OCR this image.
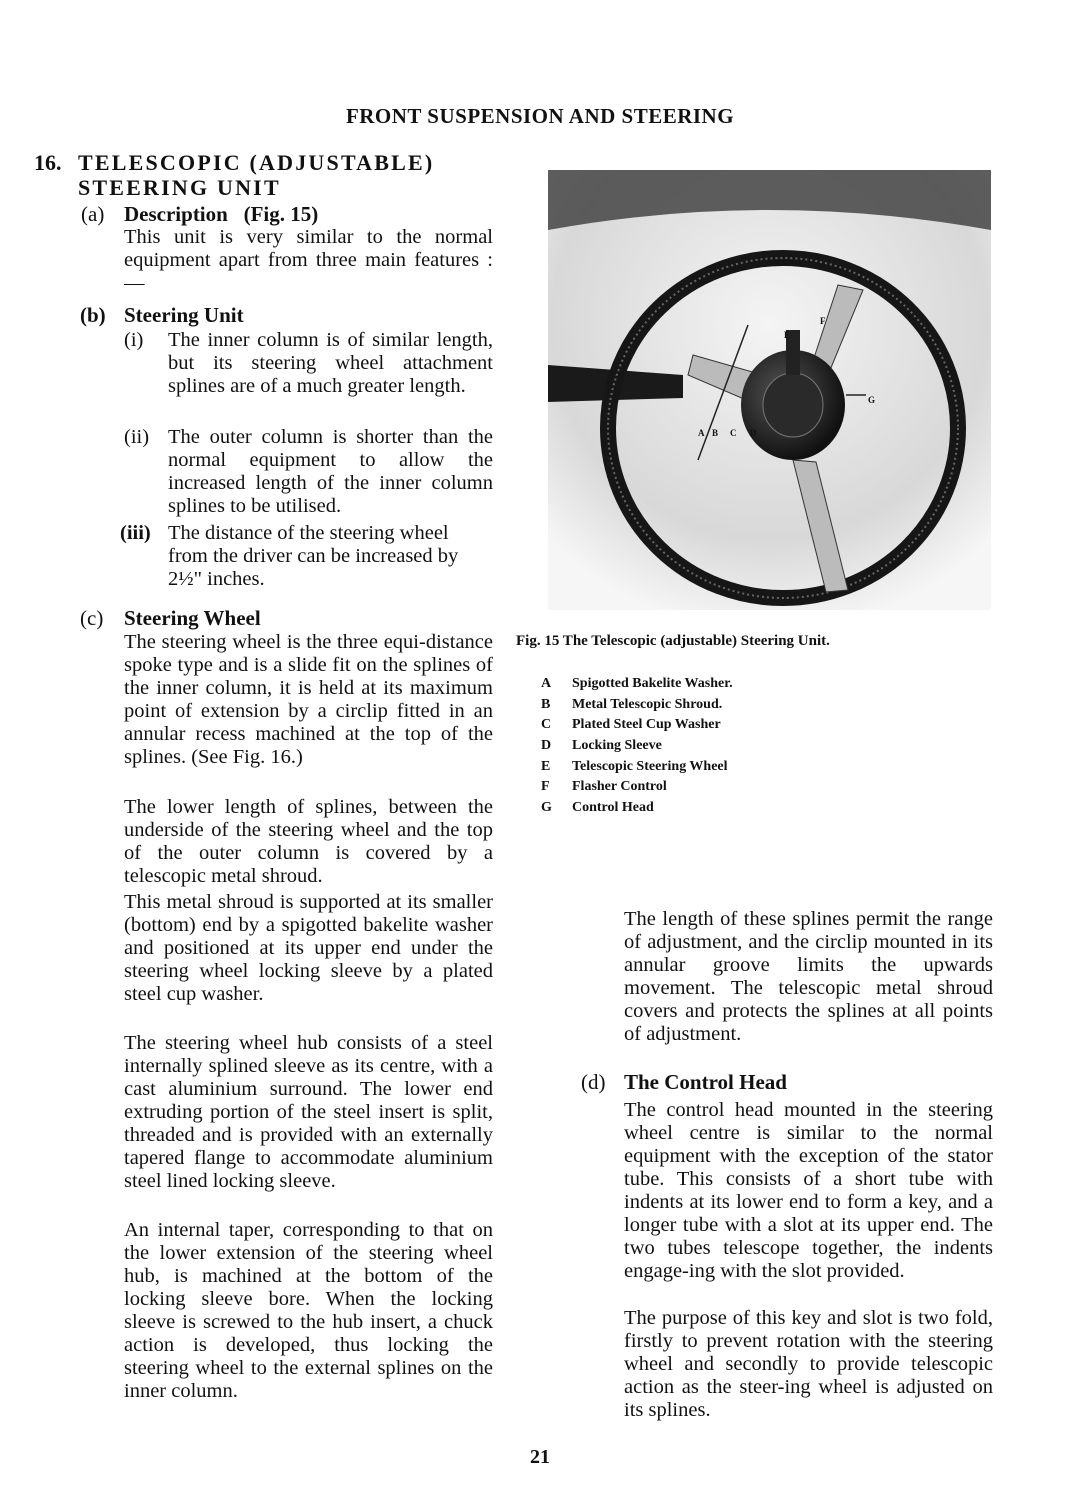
FRONT SUSPENSION AND STEERING
16. TELESCOPIC (ADJUSTABLE)
STEERING UNIT
(a) Description (Fig. 15)

This unit is very similar to the normal equipment apart from three main features :—

(b) Steering Unit
(i) The inner column is of similar length, but its steering wheel attachment splines are of a much greater length.

(ii) The outer column is shorter than the normal equipment to allow the increased length of the inner column splines to be utilised.

(iii) The distance of the steering wheel from the driver can be increased by 2½" inches.

(c) Steering Wheel

The steering wheel is the three equi-distance spoke type and is a slide fit on the splines of the inner column, it is held at its maximum point of extension by a circlip fitted in an annular recess machined at the top of the splines. (See Fig. 16.)

The lower length of splines, between the underside of the steering wheel and the top of the outer column is covered by a telescopic metal shroud.

This metal shroud is supported at its smaller (bottom) end by a spigotted bakelite washer and positioned at its upper end under the steering wheel locking sleeve by a plated steel cup washer.

The steering wheel hub consists of a steel internally splined sleeve as its centre, with a cast aluminium surround. The lower end extruding portion of the steel insert is split, threaded and is provided with an externally tapered flange to accommodate aluminium steel lined locking sleeve.

An internal taper, corresponding to that on the lower extension of the steering wheel hub, is machined at the bottom of the locking sleeve bore. When the locking sleeve is screwed to the hub insert, a chuck action is developed, thus locking the steering wheel to the external splines on the inner column.

A B C D
E
F
G
Fig. 15 The Telescopic (adjustable) Steering Unit.
A	Spigotted Bakelite Washer.
B	Metal Telescopic Shroud.
C	Plated Steel Cup Washer
D	Locking Sleeve
E	Telescopic Steering Wheel
F	Flasher Control
G	Control Head

The length of these splines permit the range of adjustment, and the circlip mounted in its annular groove limits the upwards movement. The telescopic metal shroud covers and protects the splines at all points of adjustment.

(d) The Control Head

The control head mounted in the steering wheel centre is similar to the normal equipment with the exception of the stator tube. This consists of a short tube with indents at its lower end to form a key, and a longer tube with a slot at its upper end. The two tubes telescope together, the indents engage-ing with the slot provided.

The purpose of this key and slot is two fold, firstly to prevent rotation with the steering wheel and secondly to provide telescopic action as the steer-ing wheel is adjusted on its splines.

21
